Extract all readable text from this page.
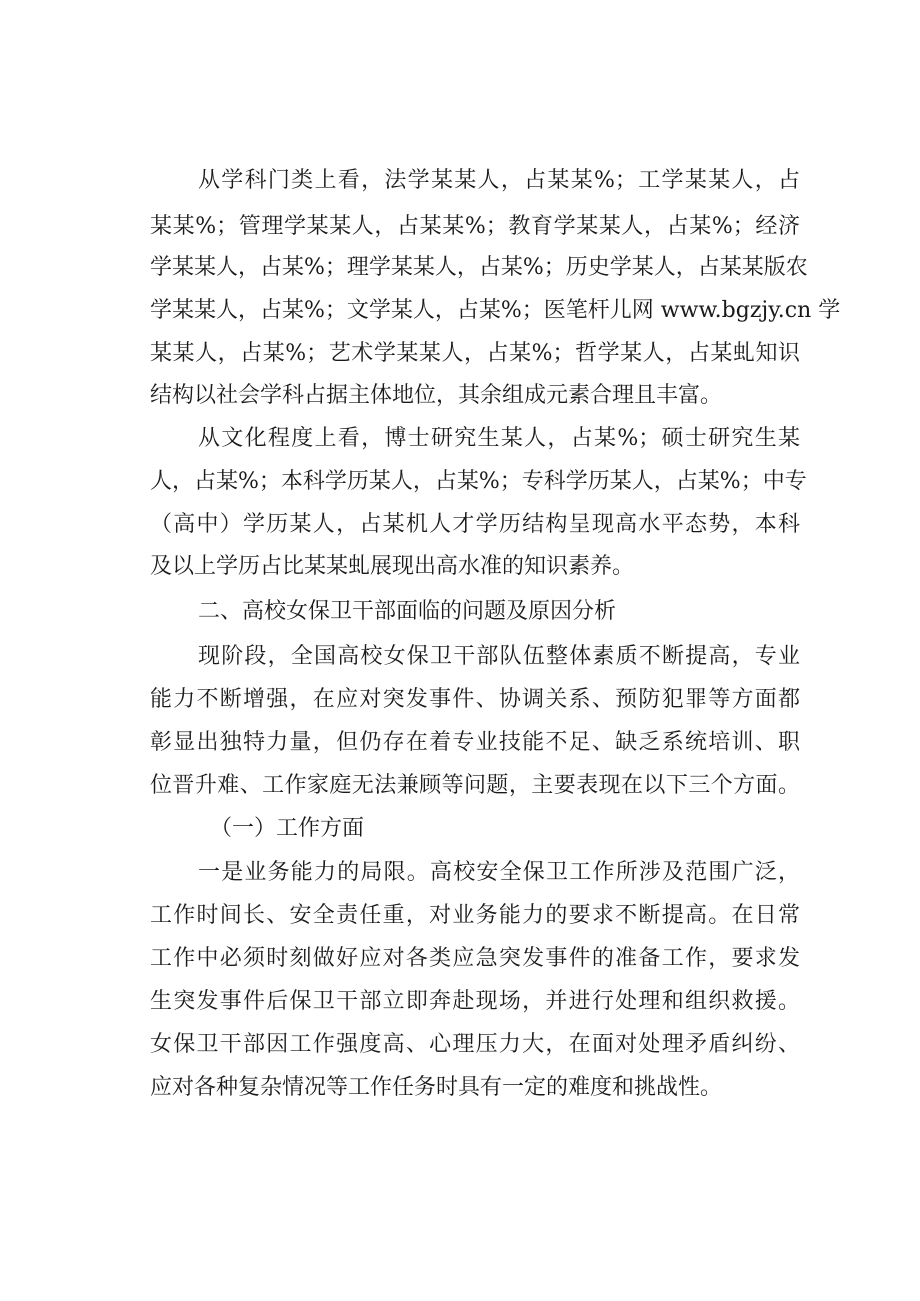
从学科门类上看，法学某某人，占某某%；工学某某人，占
某某%；管理学某某人，占某某%；教育学某某人，占某%；经济
学某某人，占某%；理学某某人，占某%；历史学某人，占某某版农
学某某人，占某%；文学某人，占某%；医笔杆儿网 www.bgzjy.cn 学
某某人，占某%；艺术学某某人，占某%；哲学某人，占某虬知识
结构以社会学科占据主体地位，其余组成元素合理且丰富。
从文化程度上看，博士研究生某人，占某%；硕士研究生某
人，占某%；本科学历某人，占某%；专科学历某人，占某%；中专
（高中）学历某人，占某机人才学历结构呈现高水平态势，本科
及以上学历占比某某虬展现出高水准的知识素养。
二、高校女保卫干部面临的问题及原因分析
现阶段，全国高校女保卫干部队伍整体素质不断提高，专业
能力不断增强，在应对突发事件、协调关系、预防犯罪等方面都
彰显出独特力量，但仍存在着专业技能不足、缺乏系统培训、职
位晋升难、工作家庭无法兼顾等问题，主要表现在以下三个方面。
（一）工作方面
一是业务能力的局限。高校安全保卫工作所涉及范围广泛，
工作时间长、安全责任重，对业务能力的要求不断提高。在日常
工作中必须时刻做好应对各类应急突发事件的准备工作，要求发
生突发事件后保卫干部立即奔赴现场，并进行处理和组织救援。
女保卫干部因工作强度高、心理压力大，在面对处理矛盾纠纷、
应对各种复杂情况等工作任务时具有一定的难度和挑战性。
